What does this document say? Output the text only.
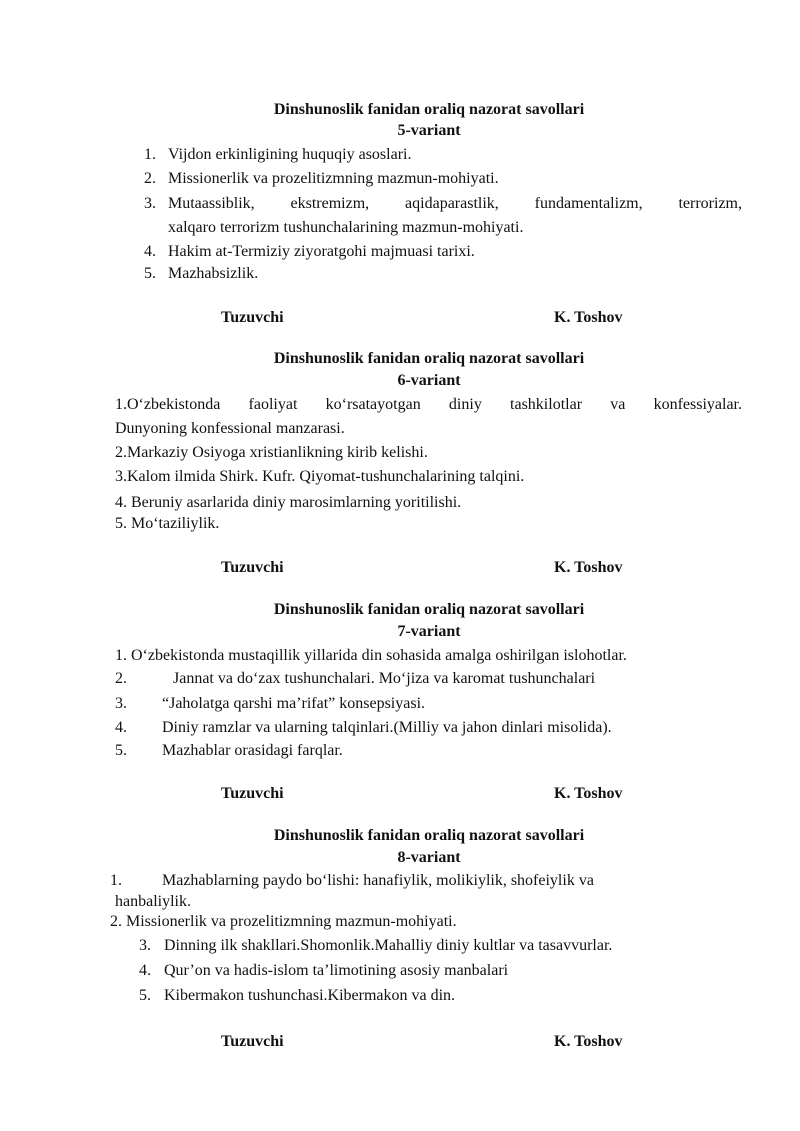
Dinshunoslik fanidan oraliq nazorat savollari
5-variant
1. Vijdon erkinligining huquqiy asoslari.
2. Missionerlik va prozelitizmning mazmun-mohiyati.
3. Mutaassiblik, ekstremizm, aqidaparastlik, fundamentalizm, terrorizm,
xalqaro terrorizm tushunchalarining mazmun-mohiyati.
4. Hakim at-Termiziy ziyoratgohi majmuasi tarixi.
5. Mazhabsizlik.
Tuzuvchi	K. Toshov
Dinshunoslik fanidan oraliq nazorat savollari
6-variant
1.O‘zbekistonda faoliyat ko‘rsatayotgan diniy tashkilotlar va konfessiyalar.
Dunyoning konfessional manzarasi.
2.Markaziy Osiyoga xristianlikning kirib kelishi.
3.Kalom ilmida Shirk. Kufr. Qiyomat-tushunchalarining talqini.
4. Beruniy asarlarida diniy marosimlarning yoritilishi.
5. Mo‘taziliylik.
Tuzuvchi	K. Toshov
Dinshunoslik fanidan oraliq nazorat savollari
7-variant
1. O‘zbekistonda mustaqillik yillarida din sohasida amalga oshirilgan islohotlar.
2.	Jannat va do‘zax tushunchalari. Mo‘jiza va karomat tushunchalari
3. “Jaholatga qarshi ma’rifat” konsepsiyasi.
4. Diniy ramzlar va ularning talqinlari.(Milliy va jahon dinlari misolida).
5. Mazhablar orasidagi farqlar.
Tuzuvchi	K. Toshov
Dinshunoslik fanidan oraliq nazorat savollari
8-variant
1.	Mazhablarning paydo bo‘lishi: hanafiylik, molikiylik, shofeiylik va
hanbaliylik.
2. Missionerlik va prozelitizmning mazmun-mohiyati.
3. Dinning ilk shakllari.Shomonlik.Mahalliy diniy kultlar va tasavvurlar.
4. Qur’on va hadis-islom ta’limotining asosiy manbalari
5. Kibermakon tushunchasi.Kibermakon va din.
Tuzuvchi	K. Toshov
